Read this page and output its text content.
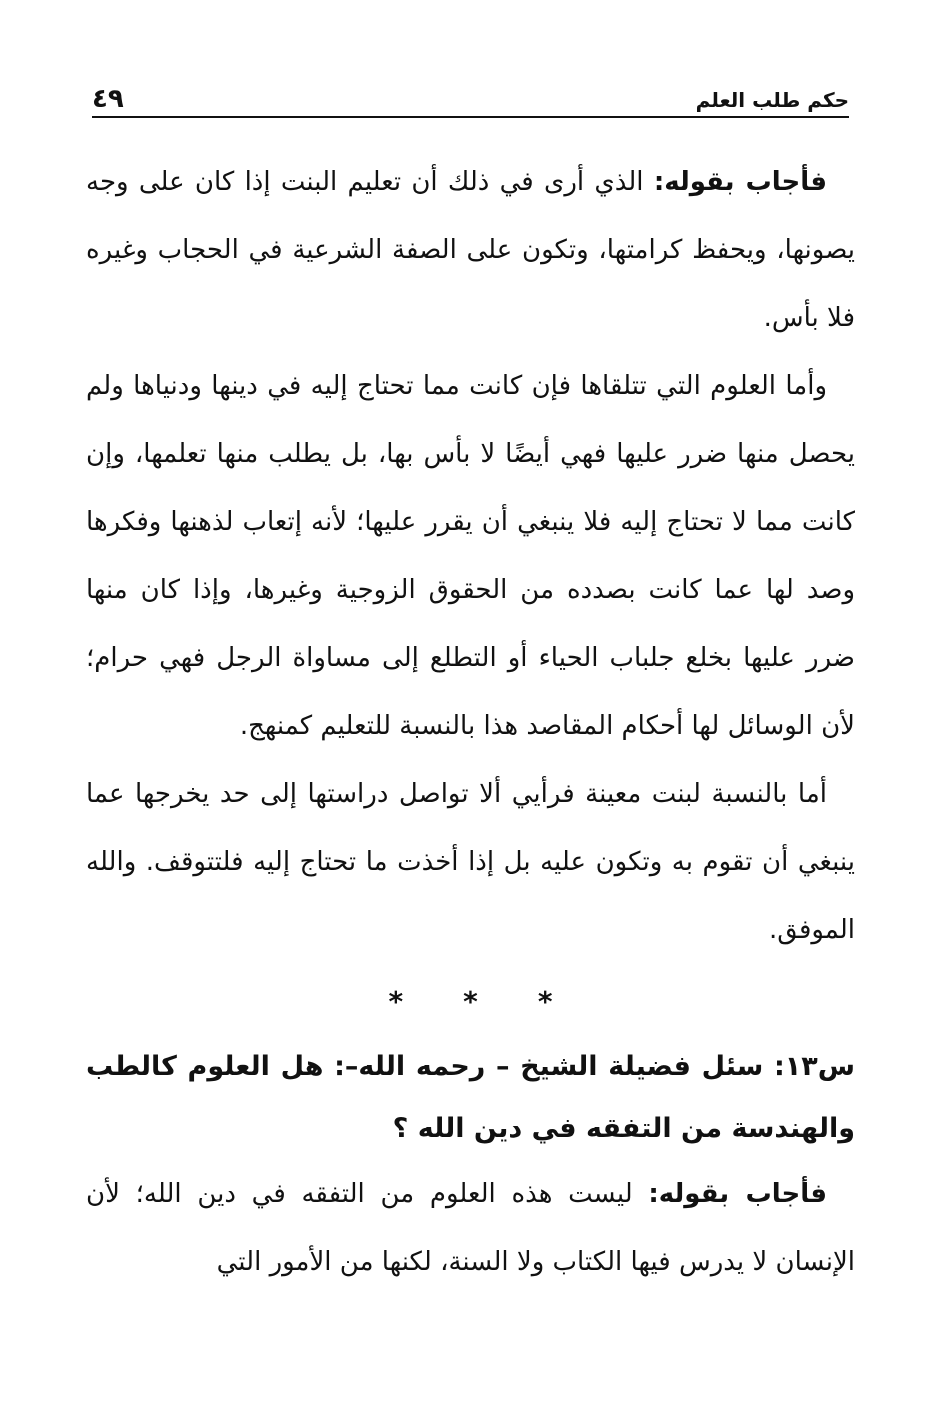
حكم طلب العلم
٤٩

فأجاب بقوله: الذي أرى في ذلك أن تعليم البنت إذا كان على وجه يصونها، ويحفظ كرامتها، وتكون على الصفة الشرعية في الحجاب وغيره فلا بأس.

وأما العلوم التي تتلقاها فإن كانت مما تحتاج إليه في دينها ودنياها ولم يحصل منها ضرر عليها فهي أيضًا لا بأس بها، بل يطلب منها تعلمها، وإن كانت مما لا تحتاج إليه فلا ينبغي أن يقرر عليها؛ لأنه إتعاب لذهنها وفكرها وصد لها عما كانت بصدده من الحقوق الزوجية وغيرها، وإذا كان منها ضرر عليها بخلع جلباب الحياء أو التطلع إلى مساواة الرجل فهي حرام؛ لأن الوسائل لها أحكام المقاصد هذا بالنسبة للتعليم كمنهج.

أما بالنسبة لبنت معينة فرأيي ألا تواصل دراستها إلى حد يخرجها عما ينبغي أن تقوم به وتكون عليه بل إذا أخذت ما تحتاج إليه فلتتوقف. والله الموفق.

***

س١٣: سئل فضيلة الشيخ – رحمه الله–: هل العلوم كالطب والهندسة من التفقه في دين الله ؟

فأجاب بقوله: ليست هذه العلوم من التفقه في دين الله؛ لأن الإنسان لا يدرس فيها الكتاب ولا السنة، لكنها من الأمور التي
